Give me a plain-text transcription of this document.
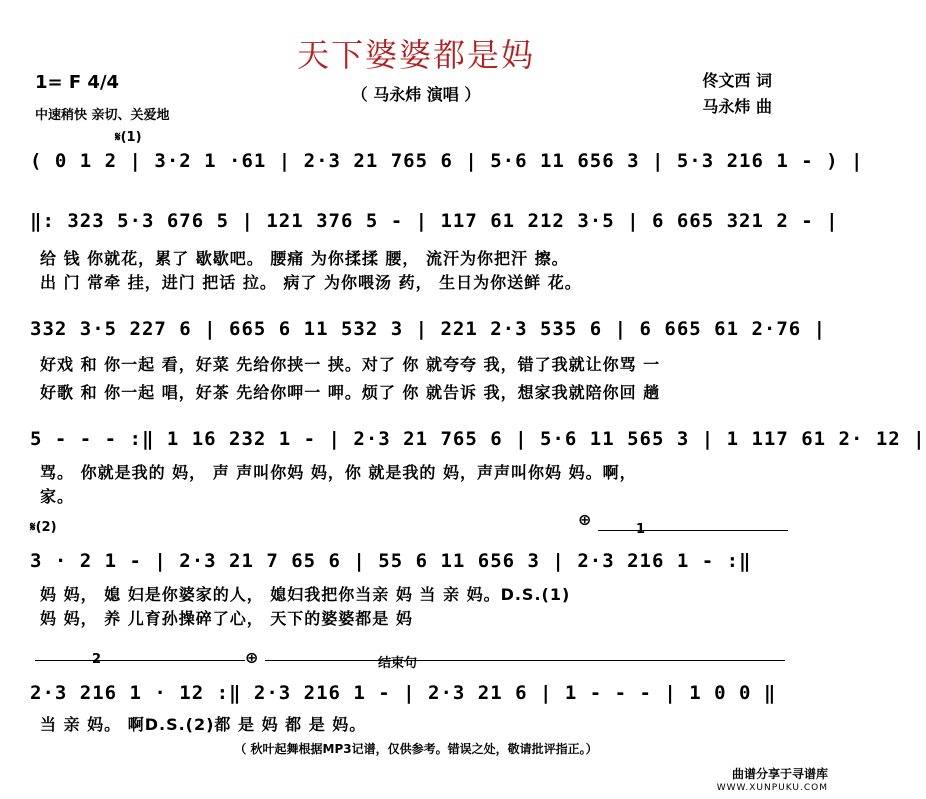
天下婆婆都是妈
（ 马永炜 演唱 ）
1= F 4/4
中速稍快 亲切、关爱地
佟文西 词
马永炜 曲
𝄋(1)
𝄋(2)	⊕
⊕
1
2	结束句
( 0 1 2 | 3·2 1 ·61 | 2·3 21 765 6 | 5·6 11 656 3 | 5·3 216 1 - ) |
‖: 323 5·3 676 5 | 121 376 5 - | 117 61 212 3·5 | 6 665 321 2 - |
给 钱 你就花，累了 歇歇吧。 腰痛 为你揉揉 腰， 流汗为你把汗 擦。
出 门 常牵 挂，进门 把话 拉。 病了 为你喂汤 药， 生日为你送鲜 花。
332 3·5 227 6 | 665 6 11 532 3 | 221 2·3 535 6 | 6 665 61 2·76 |
好戏 和 你一起 看，好菜 先给你挟一 挟。对了 你 就夸夸 我，错了我就让你骂 一
好歌 和 你一起 唱，好茶 先给你呷一 呷。烦了 你 就告诉 我，想家我就陪你回 趟
5 - - - :‖ 1 16 232 1 - | 2·3 21 765 6 | 5·6 11 565 3 | 1 117 61 2· 12 |
骂。 你就是我的 妈， 声 声叫你妈 妈，你 就是我的 妈，声声叫你妈 妈。啊，
家。
3 · 2 1 - | 2·3 21 7 65 6 | 55 6 11 656 3 | 2·3 216 1 - :‖
妈 妈， 媳 妇是你婆家的人， 媳妇我把你当亲 妈 当 亲 妈。D.S.(1)
妈 妈， 养 儿育孙操碎了心， 天下的婆婆都是 妈
2·3 216 1 · 12 :‖ 2·3 216 1 - | 2·3 21 6 | 1 - - - | 1 0 0 ‖
当 亲 妈。 啊D.S.(2)都 是 妈 都 是 妈。
（ 秋叶起舞根据MP3记谱，仅供参考。错误之处，敬请批评指正。）
曲谱分享于寻谱库
WWW.XUNPUKU.COM
